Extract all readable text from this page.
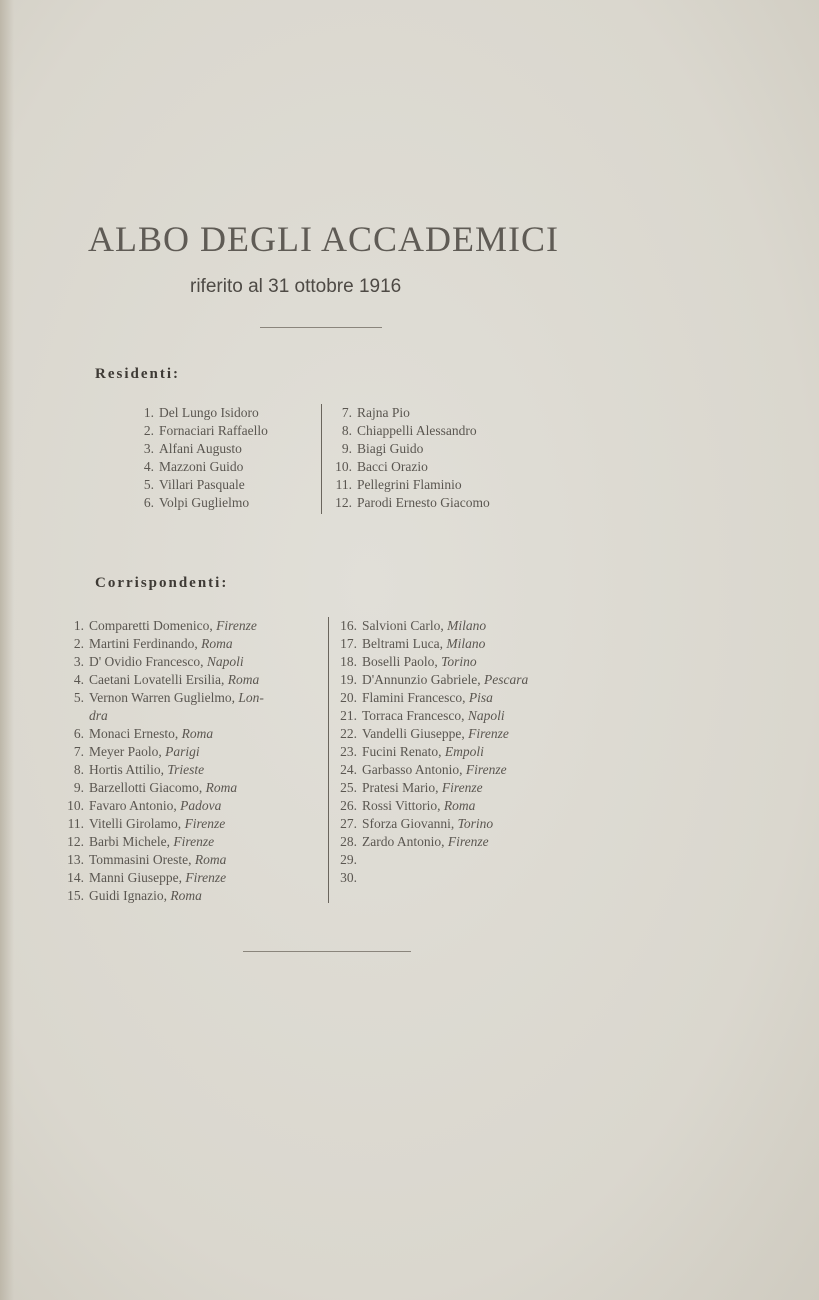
ALBO DEGLI ACCADEMICI
riferito al 31 ottobre 1916
Residenti:
1. Del Lungo Isidoro
2. Fornaciari Raffaello
3. Alfani Augusto
4. Mazzoni Guido
5. Villari Pasquale
6. Volpi Guglielmo
7. Rajna Pio
8. Chiappelli Alessandro
9. Biagi Guido
10. Bacci Orazio
11. Pellegrini Flaminio
12. Parodi Ernesto Giacomo
Corrispondenti:
1. Comparetti Domenico, Firenze
2. Martini Ferdinando, Roma
3. D' Ovidio Francesco, Napoli
4. Caetani Lovatelli Ersilia, Roma
5. Vernon Warren Guglielmo, Lon-
dra
6. Monaci Ernesto, Roma
7. Meyer Paolo, Parigi
8. Hortis Attilio, Trieste
9. Barzellotti Giacomo, Roma
10. Favaro Antonio, Padova
11. Vitelli Girolamo, Firenze
12. Barbi Michele, Firenze
13. Tommasini Oreste, Roma
14. Manni Giuseppe, Firenze
15. Guidi Ignazio, Roma
16. Salvioni Carlo, Milano
17. Beltrami Luca, Milano
18. Boselli Paolo, Torino
19. D'Annunzio Gabriele, Pescara
20. Flamini Francesco, Pisa
21. Torraca Francesco, Napoli
22. Vandelli Giuseppe, Firenze
23. Fucini Renato, Empoli
24. Garbasso Antonio, Firenze
25. Pratesi Mario, Firenze
26. Rossi Vittorio, Roma
27. Sforza Giovanni, Torino
28. Zardo Antonio, Firenze
29.
30.
